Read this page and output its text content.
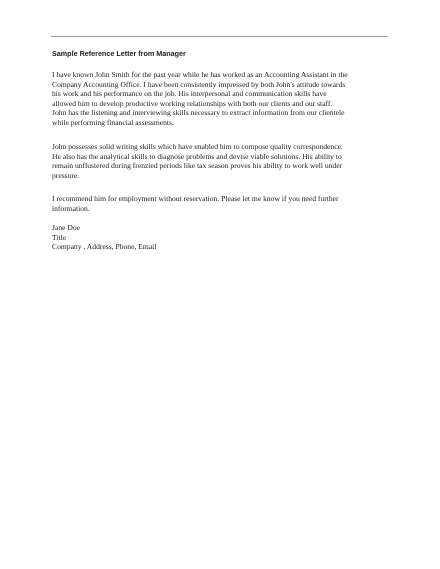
Sample Reference Letter from Manager
I have known John Smith for the past year while he has worked as an Accounting Assistant in the
Company Accounting Office. I have been consistently impressed by both John's attitude towards
his work and his performance on the job. His interpersonal and communication skills have
allowed him to develop productive working relationships with both our clients and our staff.
John has the listening and interviewing skills necessary to extract information from our clientele
while performing financial assessments.
John possesses solid writing skills which have enabled him to compose quality correspondence.
He also has the analytical skills to diagnose problems and devise viable solutions. His ability to
remain unflustered during frenzied periods like tax season proves his ability to work well under
pressure.
I recommend him for employment without reservation. Please let me know if you need further
information.
Jane Doe
Title
Company , Address, Phone, Email
